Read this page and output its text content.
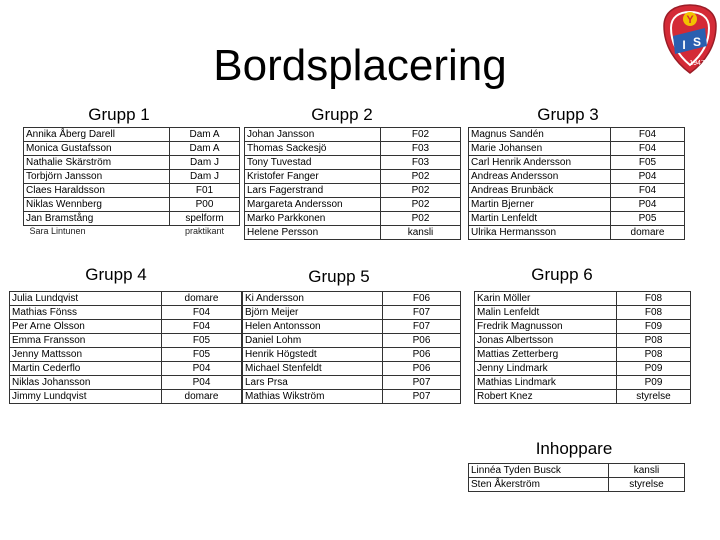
Bordsplacering
Y
I S
1947
Grupp 1
Annika Åberg Darell	Dam A
Monica Gustafsson	Dam A
Nathalie Skärström	Dam J
Torbjörn Jansson	Dam J
Claes Haraldsson	F01
Niklas Wennberg	P00
Jan Bramstång	spelform
Sara Lintunen	praktikant
Grupp 2
Johan Jansson	F02
Thomas Sackesjö	F03
Tony Tuvestad	F03
Kristofer Fanger	P02
Lars Fagerstrand	P02
Margareta Andersson	P02
Marko Parkkonen	P02
Helene Persson	kansli
Grupp 3
Magnus Sandén	F04
Marie Johansen	F04
Carl Henrik Andersson	F05
Andreas Andersson	P04
Andreas Brunbäck	F04
Martin Bjerner	P04
Martin Lenfeldt	P05
Ulrika Hermansson	domare
Grupp 4
Julia Lundqvist	domare
Mathias Fönss	F04
Per Arne Olsson	F04
Emma Fransson	F05
Jenny Mattsson	F05
Martin Cederflo	P04
Niklas Johansson	P04
Jimmy Lundqvist	domare
Grupp 5
Ki Andersson	F06
Björn Meijer	F07
Helen Antonsson	F07
Daniel Lohm	P06
Henrik Högstedt	P06
Michael Stenfeldt	P06
Lars Prsa	P07
Mathias Wikström	P07
Grupp 6
Karin Möller	F08
Malin Lenfeldt	F08
Fredrik Magnusson	F09
Jonas Albertsson	P08
Mattias Zetterberg	P08
Jenny Lindmark	P09
Mathias Lindmark	P09
Robert Knez	styrelse
Inhoppare
Linnéa Tyden Busck	kansli
Sten Åkerström	styrelse
